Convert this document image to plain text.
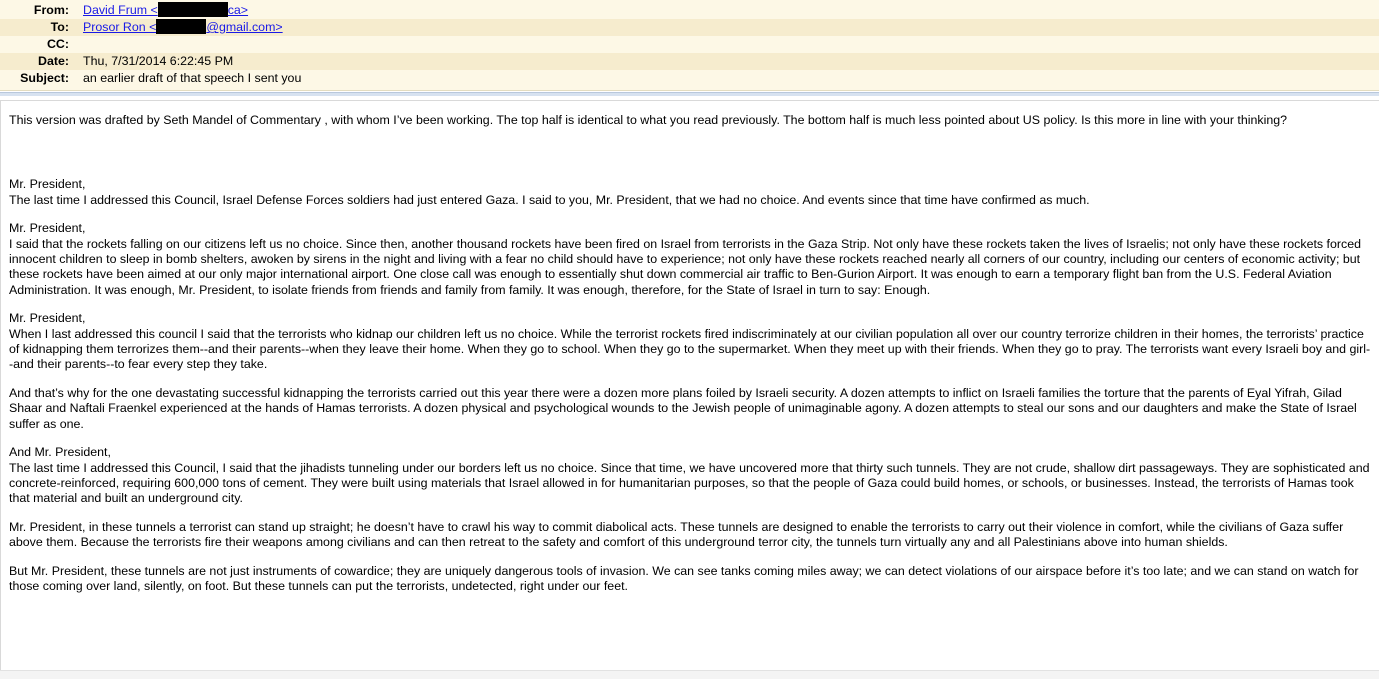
From:	David Frum <	ca>
To:	Prosor Ron <	@gmail.com>
CC:
Date:	Thu, 7/31/2014 6:22:45 PM
Subject:	an earlier draft of that speech I sent you

This version was drafted by Seth Mandel of Commentary , with whom I’ve been working. The top half is identical to what you read previously. The bottom half is much less pointed about US policy. Is this more in line with your thinking?

Mr. President,
The last time I addressed this Council, Israel Defense Forces soldiers had just entered Gaza. I said to you, Mr. President, that we had no choice. And events since that time have confirmed as much.

Mr. President,
I said that the rockets falling on our citizens left us no choice. Since then, another thousand rockets have been fired on Israel from terrorists in the Gaza Strip. Not only have these rockets taken the lives of Israelis; not only have these rockets forced innocent children to sleep in bomb shelters, awoken by sirens in the night and living with a fear no child should have to experience; not only have these rockets reached nearly all corners of our country, including our centers of economic activity; but these rockets have been aimed at our only major international airport. One close call was enough to essentially shut down commercial air traffic to Ben-Gurion Airport. It was enough to earn a temporary flight ban from the U.S. Federal Aviation Administration. It was enough, Mr. President, to isolate friends from friends and family from family. It was enough, therefore, for the State of Israel in turn to say: Enough.

Mr. President,
When I last addressed this council I said that the terrorists who kidnap our children left us no choice. While the terrorist rockets fired indiscriminately at our civilian population all over our country terrorize children in their homes, the terrorists’ practice of kidnapping them terrorizes them--and their parents--when they leave their home. When they go to school. When they go to the supermarket. When they meet up with their friends. When they go to pray. The terrorists want every Israeli boy and girl--and their parents--to fear every step they take.

And that’s why for the one devastating successful kidnapping the terrorists carried out this year there were a dozen more plans foiled by Israeli security. A dozen attempts to inflict on Israeli families the torture that the parents of Eyal Yifrah, Gilad Shaar and Naftali Fraenkel experienced at the hands of Hamas terrorists. A dozen physical and psychological wounds to the Jewish people of unimaginable agony. A dozen attempts to steal our sons and our daughters and make the State of Israel suffer as one.

And Mr. President,
The last time I addressed this Council, I said that the jihadists tunneling under our borders left us no choice. Since that time, we have uncovered more that thirty such tunnels. They are not crude, shallow dirt passageways. They are sophisticated and concrete-reinforced, requiring 600,000 tons of cement. They were built using materials that Israel allowed in for humanitarian purposes, so that the people of Gaza could build homes, or schools, or businesses. Instead, the terrorists of Hamas took that material and built an underground city.

Mr. President, in these tunnels a terrorist can stand up straight; he doesn’t have to crawl his way to commit diabolical acts. These tunnels are designed to enable the terrorists to carry out their violence in comfort, while the civilians of Gaza suffer above them. Because the terrorists fire their weapons among civilians and can then retreat to the safety and comfort of this underground terror city, the tunnels turn virtually any and all Palestinians above into human shields.

But Mr. President, these tunnels are not just instruments of cowardice; they are uniquely dangerous tools of invasion. We can see tanks coming miles away; we can detect violations of our airspace before it’s too late; and we can stand on watch for those coming over land, silently, on foot. But these tunnels can put the terrorists, undetected, right under our feet.
